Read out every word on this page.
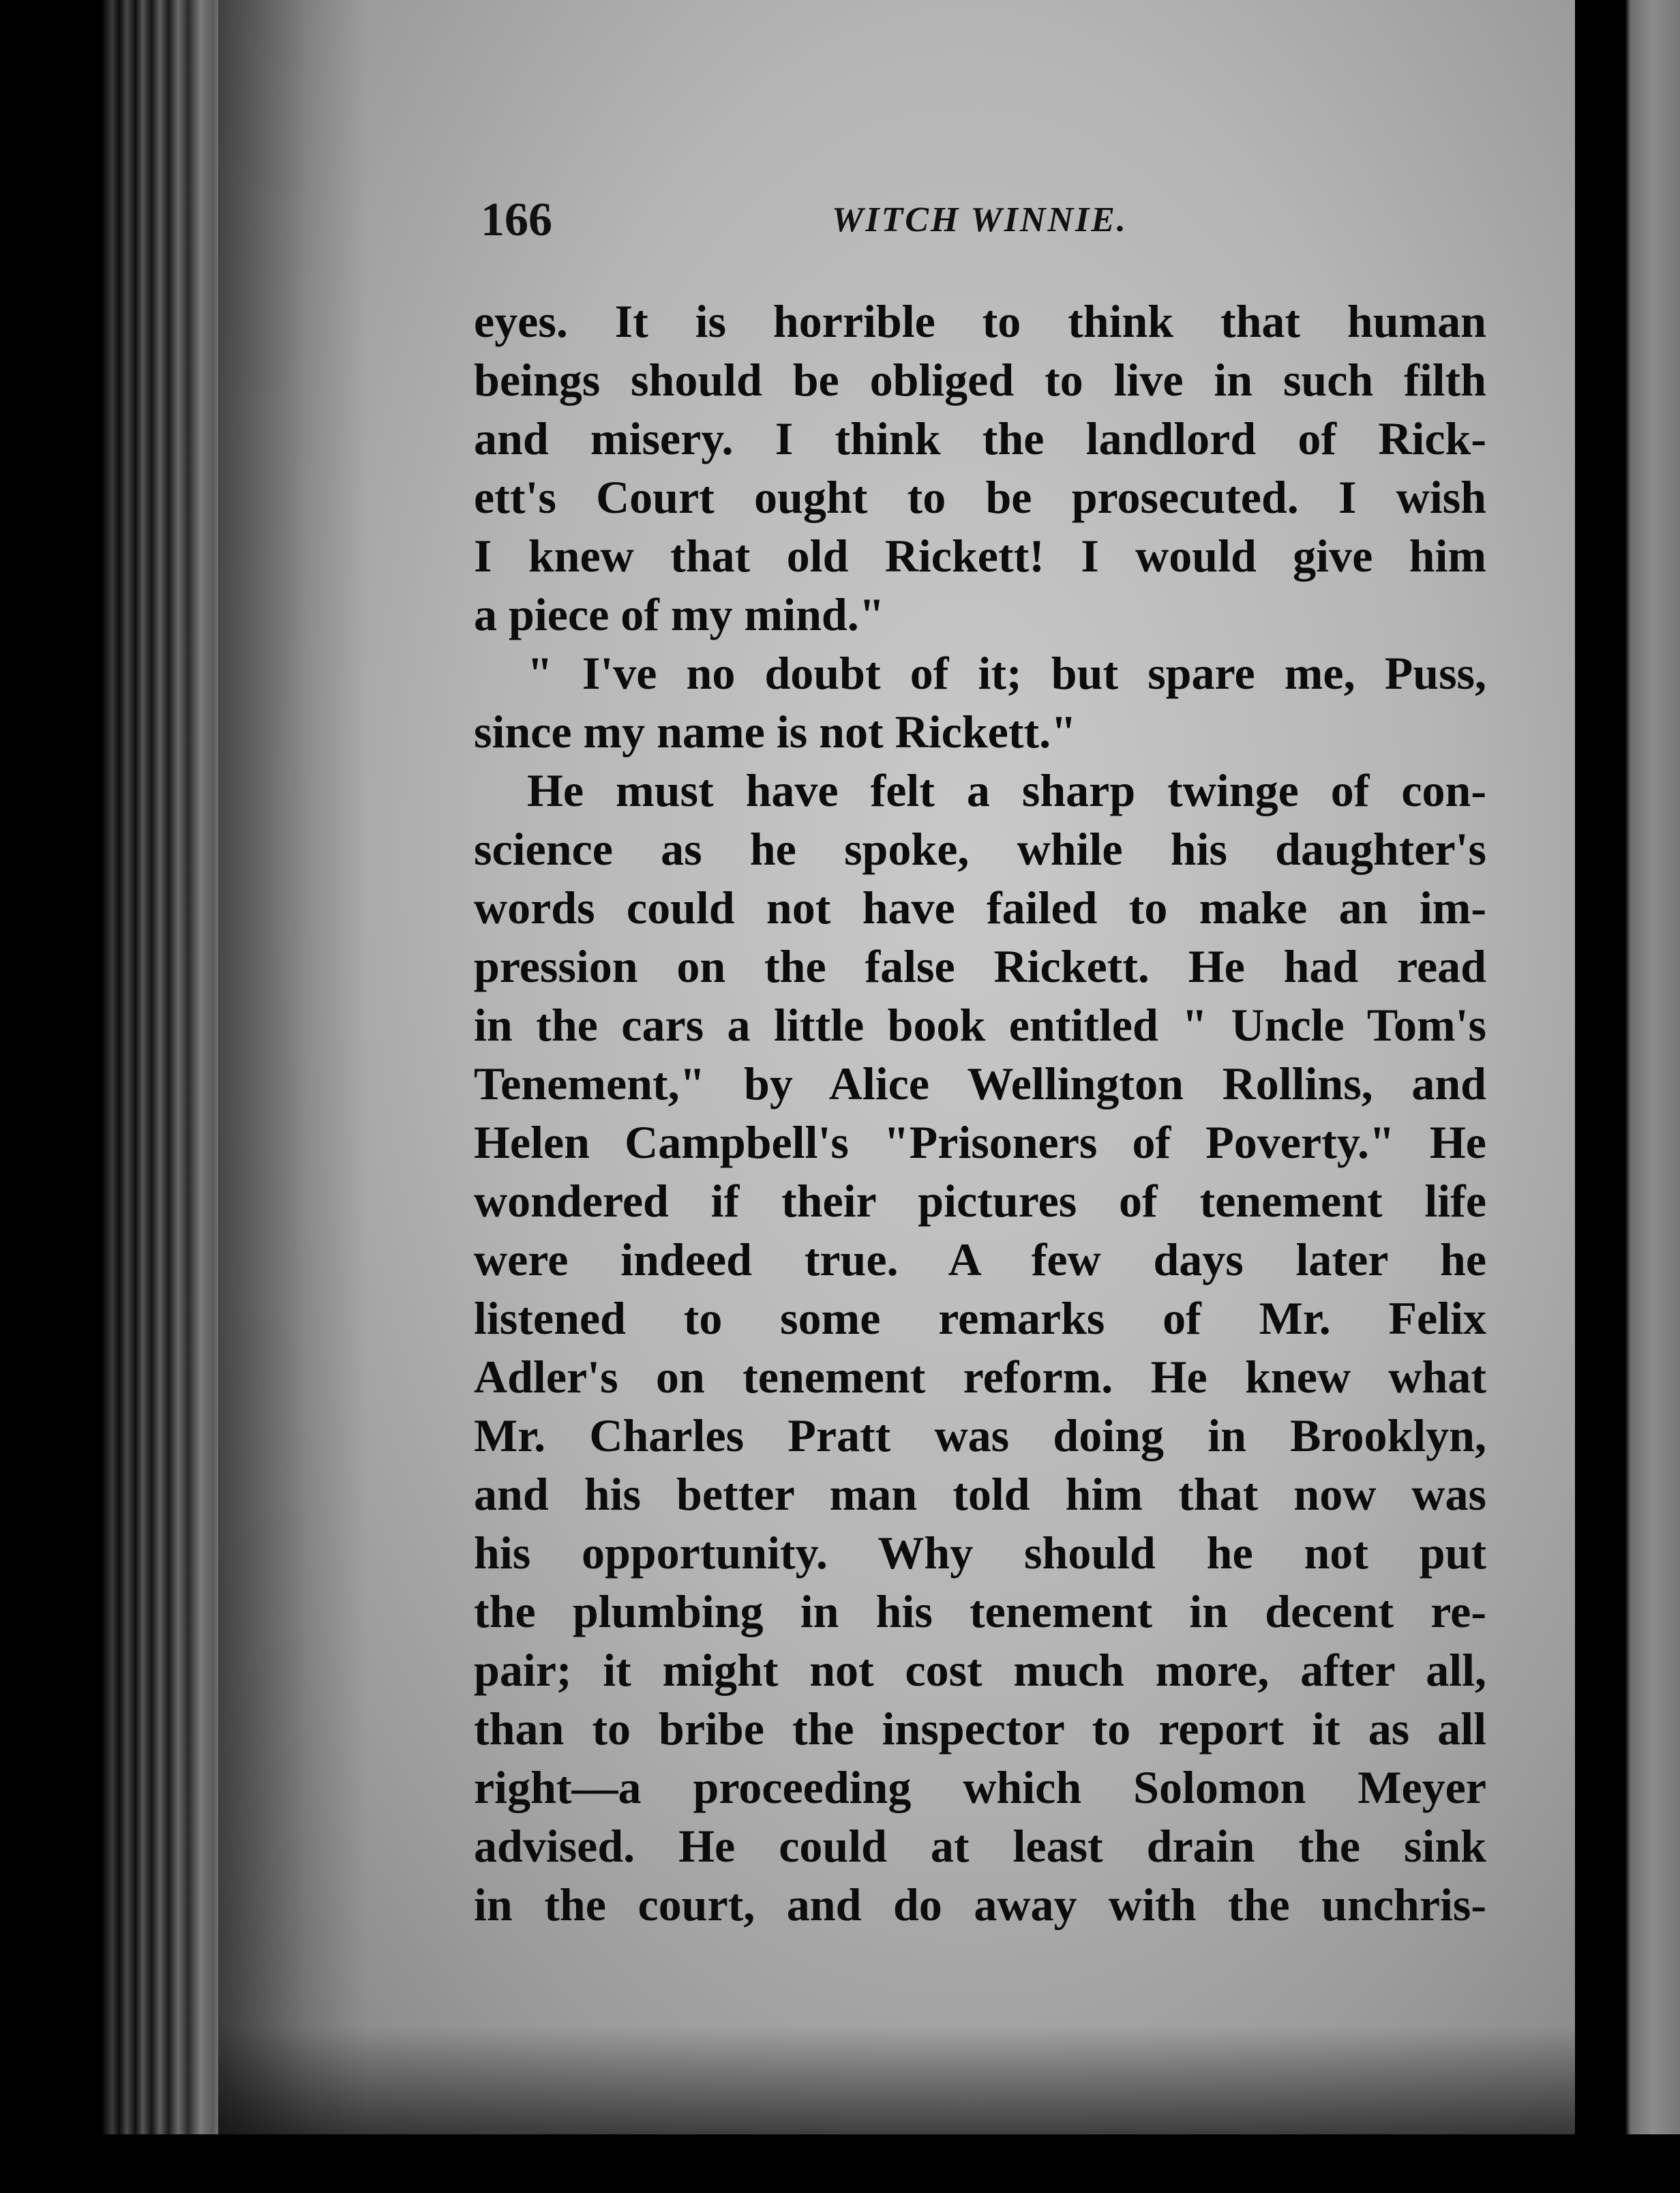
166	WITCH WINNIE.
eyes. It is horrible to think that human
beings should be obliged to live in such filth
and misery. I think the landlord of Rick-
ett's Court ought to be prosecuted. I wish
I knew that old Rickett! I would give him
a piece of my mind."
" I've no doubt of it; but spare me, Puss,
since my name is not Rickett."
He must have felt a sharp twinge of con-
science as he spoke, while his daughter's
words could not have failed to make an im-
pression on the false Rickett. He had read
in the cars a little book entitled " Uncle Tom's
Tenement," by Alice Wellington Rollins, and
Helen Campbell's "Prisoners of Poverty." He
wondered if their pictures of tenement life
were indeed true. A few days later he
listened to some remarks of Mr. Felix
Adler's on tenement reform. He knew what
Mr. Charles Pratt was doing in Brooklyn,
and his better man told him that now was
his opportunity. Why should he not put
the plumbing in his tenement in decent re-
pair; it might not cost much more, after all,
than to bribe the inspector to report it as all
right—a proceeding which Solomon Meyer
advised. He could at least drain the sink
in the court, and do away with the unchris-
